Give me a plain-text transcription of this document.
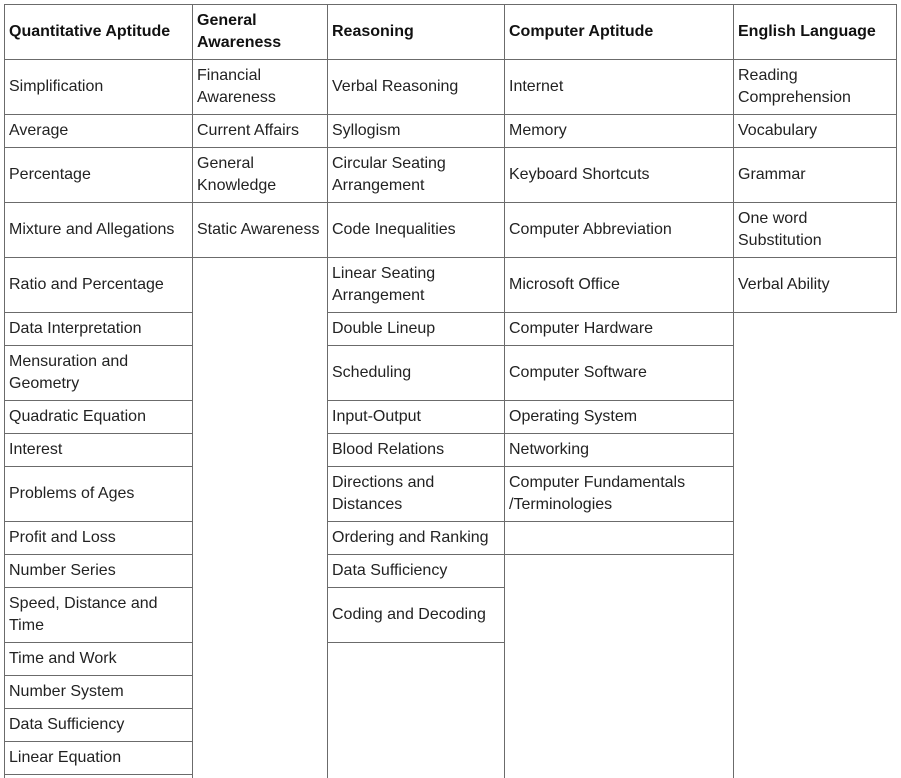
Quantitative Aptitude
General Awareness
Reasoning	Computer Aptitude	English Language
Simplification
Average
Percentage
Mixture and Allegations
Ratio and Percentage
Data Interpretation
Mensuration and Geometry
Quadratic Equation
Interest
Problems of Ages
Profit and Loss
Number Series
Speed, Distance and Time
Time and Work
Number System
Data Sufficiency
Linear Equation
Financial Awareness
Current Affairs
General Knowledge
Static Awareness
Verbal Reasoning
Syllogism
Circular Seating Arrangement
Code Inequalities
Linear Seating Arrangement
Double Lineup
Scheduling
Input-Output
Blood Relations
Directions and Distances
Ordering and Ranking
Data Sufficiency
Coding and Decoding
Internet
Memory
Keyboard Shortcuts
Computer Abbreviation
Microsoft Office
Computer Hardware
Computer Software
Operating System
Networking
Computer Fundamentals /Terminologies
Reading Comprehension
Vocabulary
Grammar
One word Substitution
Verbal Ability
